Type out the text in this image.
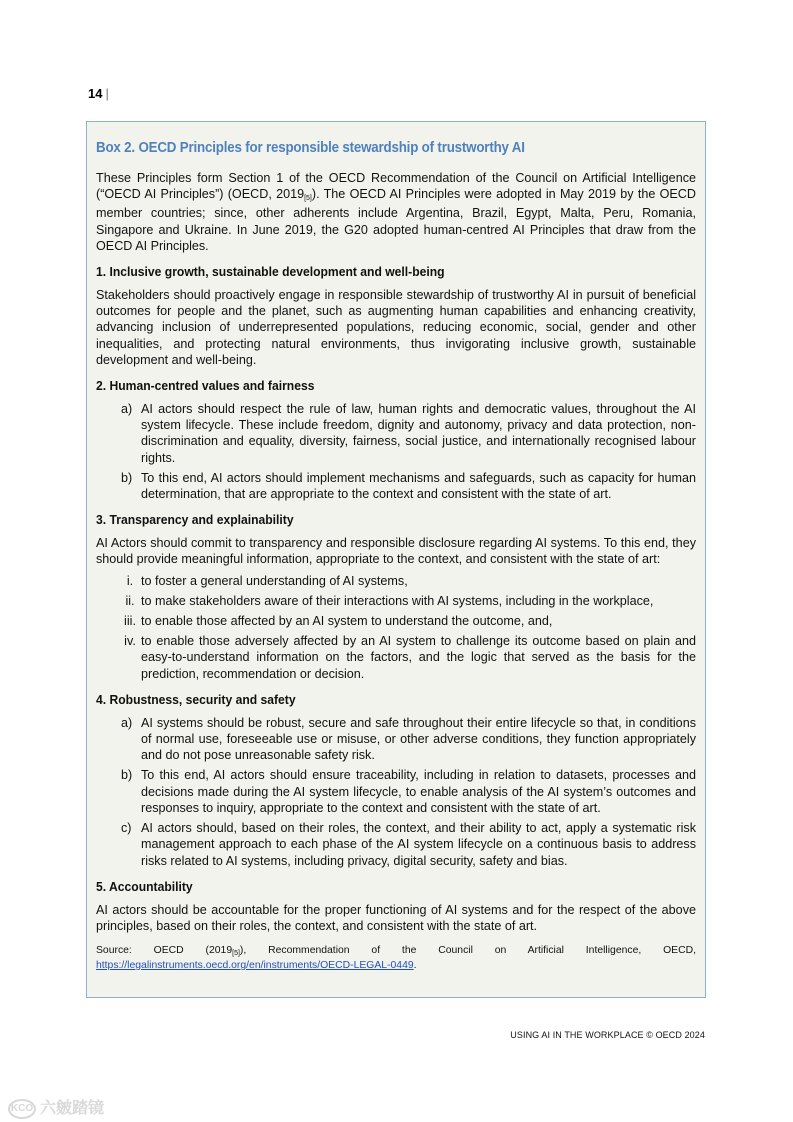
14 |
Box 2. OECD Principles for responsible stewardship of trustworthy AI

These Principles form Section 1 of the OECD Recommendation of the Council on Artificial Intelligence (“OECD AI Principles”) (OECD, $2019_{[5]}$). The OECD AI Principles were adopted in May 2019 by the OECD member countries; since, other adherents include Argentina, Brazil, Egypt, Malta, Peru, Romania, Singapore and Ukraine. In June 2019, the G20 adopted human-centred AI Principles that draw from the OECD AI Principles.

1. Inclusive growth, sustainable development and well-being

Stakeholders should proactively engage in responsible stewardship of trustworthy AI in pursuit of beneficial outcomes for people and the planet, such as augmenting human capabilities and enhancing creativity, advancing inclusion of underrepresented populations, reducing economic, social, gender and other inequalities, and protecting natural environments, thus invigorating inclusive growth, sustainable development and well-being.

2. Human-centred values and fairness
a) AI actors should respect the rule of law, human rights and democratic values, throughout the AI system lifecycle. These include freedom, dignity and autonomy, privacy and data protection, non-discrimination and equality, diversity, fairness, social justice, and internationally recognised labour rights.
b) To this end, AI actors should implement mechanisms and safeguards, such as capacity for human determination, that are appropriate to the context and consistent with the state of art.
3. Transparency and explainability

AI Actors should commit to transparency and responsible disclosure regarding AI systems. To this end, they should provide meaningful information, appropriate to the context, and consistent with the state of art:

i. to foster a general understanding of AI systems,
ii. to make stakeholders aware of their interactions with AI systems, including in the workplace,
iii. to enable those affected by an AI system to understand the outcome, and,
iv. to enable those adversely affected by an AI system to challenge its outcome based on plain and easy-to-understand information on the factors, and the logic that served as the basis for the prediction, recommendation or decision.
4. Robustness, security and safety
a) AI systems should be robust, secure and safe throughout their entire lifecycle so that, in conditions of normal use, foreseeable use or misuse, or other adverse conditions, they function appropriately and do not pose unreasonable safety risk.
b) To this end, AI actors should ensure traceability, including in relation to datasets, processes and decisions made during the AI system lifecycle, to enable analysis of the AI system’s outcomes and responses to inquiry, appropriate to the context and consistent with the state of art.
c) AI actors should, based on their roles, the context, and their ability to act, apply a systematic risk management approach to each phase of the AI system lifecycle on a continuous basis to address risks related to AI systems, including privacy, digital security, safety and bias.
5. Accountability

AI actors should be accountable for the proper functioning of AI systems and for the respect of the above principles, based on their roles, the context, and consistent with the state of art.

Source: OECD $(2019_{[5]})$, Recommendation of the Council on Artificial Intelligence, OECD, https://legalinstruments.oecd.org/en/instruments/OECD-LEGAL-0449.
USING AI IN THE WORKPLACE © OECD 2024
KCO 六皴踏镜
